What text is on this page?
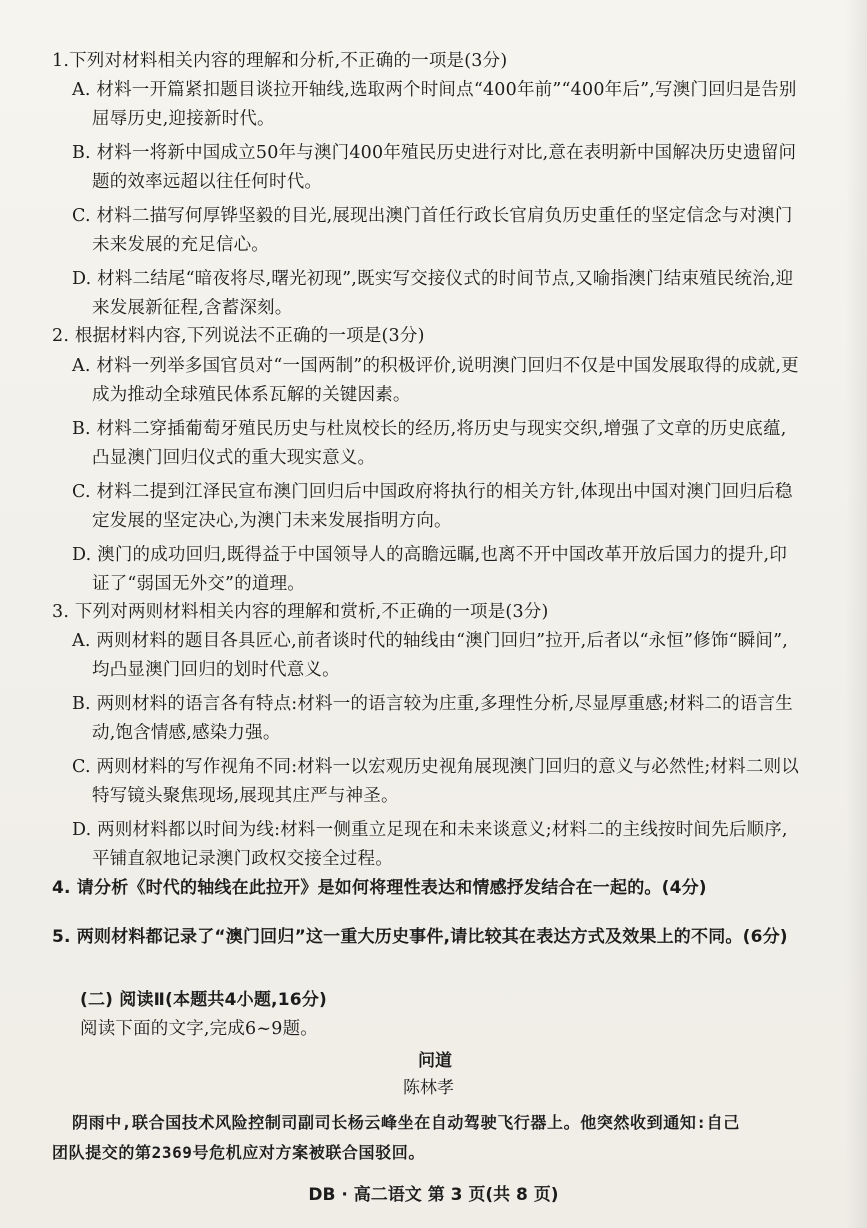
1.下列对材料相关内容的理解和分析,不正确的一项是(3分)
A. 材料一开篇紧扣题目谈拉开轴线,选取两个时间点“400年前”“400年后”,写澳门回归是告别
屈辱历史,迎接新时代。
B. 材料一将新中国成立50年与澳门400年殖民历史进行对比,意在表明新中国解决历史遗留问
题的效率远超以往任何时代。
C. 材料二描写何厚铧坚毅的目光,展现出澳门首任行政长官肩负历史重任的坚定信念与对澳门
未来发展的充足信心。
D. 材料二结尾“暗夜将尽,曙光初现”,既实写交接仪式的时间节点,又喻指澳门结束殖民统治,迎
来发展新征程,含蓄深刻。
2. 根据材料内容,下列说法不正确的一项是(3分)
A. 材料一列举多国官员对“一国两制”的积极评价,说明澳门回归不仅是中国发展取得的成就,更
成为推动全球殖民体系瓦解的关键因素。
B. 材料二穿插葡萄牙殖民历史与杜岚校长的经历,将历史与现实交织,增强了文章的历史底蕴,
凸显澳门回归仪式的重大现实意义。
C. 材料二提到江泽民宣布澳门回归后中国政府将执行的相关方针,体现出中国对澳门回归后稳
定发展的坚定决心,为澳门未来发展指明方向。
D. 澳门的成功回归,既得益于中国领导人的高瞻远瞩,也离不开中国改革开放后国力的提升,印
证了“弱国无外交”的道理。
3. 下列对两则材料相关内容的理解和赏析,不正确的一项是(3分)
A. 两则材料的题目各具匠心,前者谈时代的轴线由“澳门回归”拉开,后者以“永恒”修饰“瞬间”,
均凸显澳门回归的划时代意义。
B. 两则材料的语言各有特点:材料一的语言较为庄重,多理性分析,尽显厚重感;材料二的语言生
动,饱含情感,感染力强。
C. 两则材料的写作视角不同:材料一以宏观历史视角展现澳门回归的意义与必然性;材料二则以
特写镜头聚焦现场,展现其庄严与神圣。
D. 两则材料都以时间为线:材料一侧重立足现在和未来谈意义;材料二的主线按时间先后顺序,
平铺直叙地记录澳门政权交接全过程。
4. 请分析《时代的轴线在此拉开》是如何将理性表达和情感抒发结合在一起的。(4分)
5. 两则材料都记录了“澳门回归”这一重大历史事件,请比较其在表达方式及效果上的不同。(6分)
(二) 阅读Ⅱ(本题共4小题,16分)
阅读下面的文字,完成6~9题。
问道
陈林孝
阴雨中,联合国技术风险控制司副司长杨云峰坐在自动驾驶飞行器上。他突然收到通知:自己
团队提交的第2369号危机应对方案被联合国驳回。
DB · 高二语文 第 3 页(共 8 页)
